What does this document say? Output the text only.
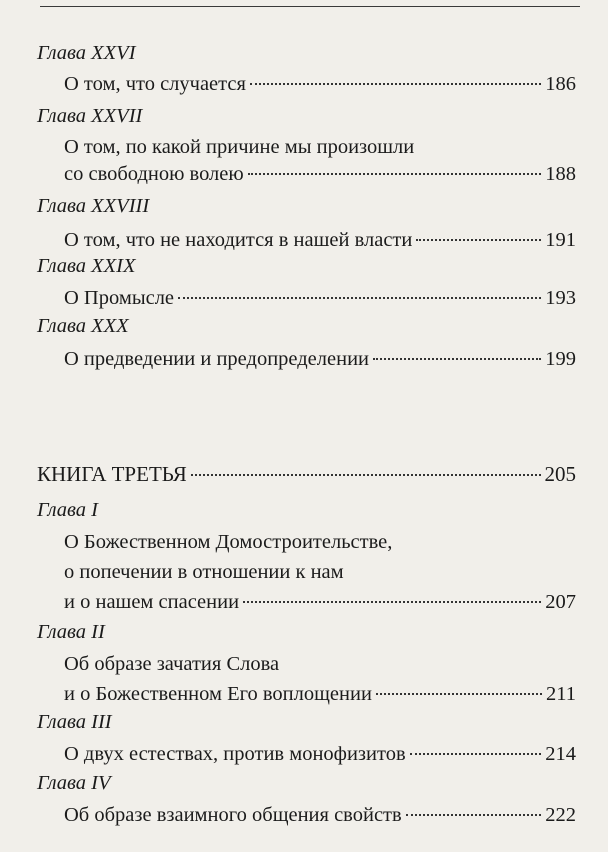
Глава XXVI
О том, что случается	186
Глава XXVII
О том, по какой причине мы произошли
со свободною волею	188
Глава XXVIII
О том, что не находится в нашей власти	191
Глава XXIX
О Промысле	193
Глава XXX
О предведении и предопределении	199
КНИГА ТРЕТЬЯ	205
Глава I
О Божественном Домостроительстве,
о попечении в отношении к нам
и о нашем спасении	207
Глава II
Об образе зачатия Слова
и о Божественном Его воплощении	211
Глава III
О двух естествах, против монофизитов	214
Глава IV
Об образе взаимного общения свойств	222
